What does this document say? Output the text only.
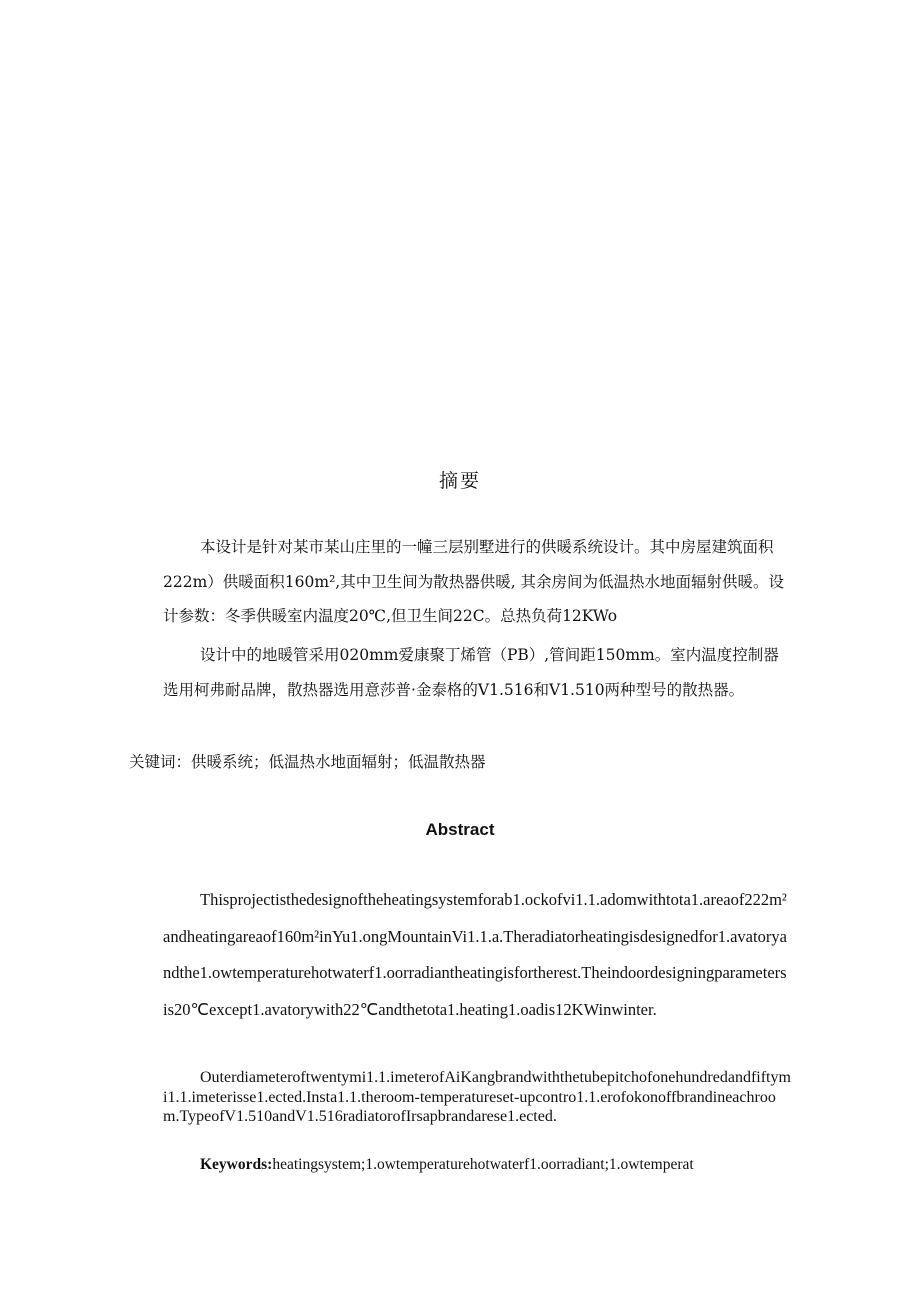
摘要
本设计是针对某市某山庄里的一幢三层别墅进行的供暖系统设计。其中房屋建筑面积222m）供暖面积160m²,其中卫生间为散热器供暖, 其余房间为低温热水地面辐射供暖。设计参数：冬季供暖室内温度20℃,但卫生间22C。总热负荷12KWo
设计中的地暖管采用020mm爱康聚丁烯管（PB）,管间距150mm。室内温度控制器选用柯弗耐品牌，散热器选用意莎普·金泰格的V1.516和V1.510两种型号的散热器。
关键词：供暖系统；低温热水地面辐射；低温散热器
Abstract
Thisprojectisthedesignoftheheatingsystemforab1.ockofvi1.1.adomwithtota1.areaof222m²andheatingareaof160m²inYu1.ongMountainVi1.1.a.Theradiatorheatingisdesignedfor1.avatoryandthe1.owtemperaturehotwaterf1.oorradiantheatingisfortherest.Theindoordesigningparametersis20℃except1.avatorywith22℃andthetota1.heating1.oadis12KWinwinter.
Outerdiameteroftwentymi1.1.imeterofAiKangbrandwiththetubepitchofonehundredandfiftymi1.1.imeterisse1.ected.Insta1.1.theroom-temperatureset-upcontro1.1.erofokonoffbrandineachroom.TypeofV1.510andV1.516radiatorofIrsapbrandarese1.ected.
Keywords:heatingsystem;1.owtemperaturehotwaterf1.oorradiant;1.owtemperat
